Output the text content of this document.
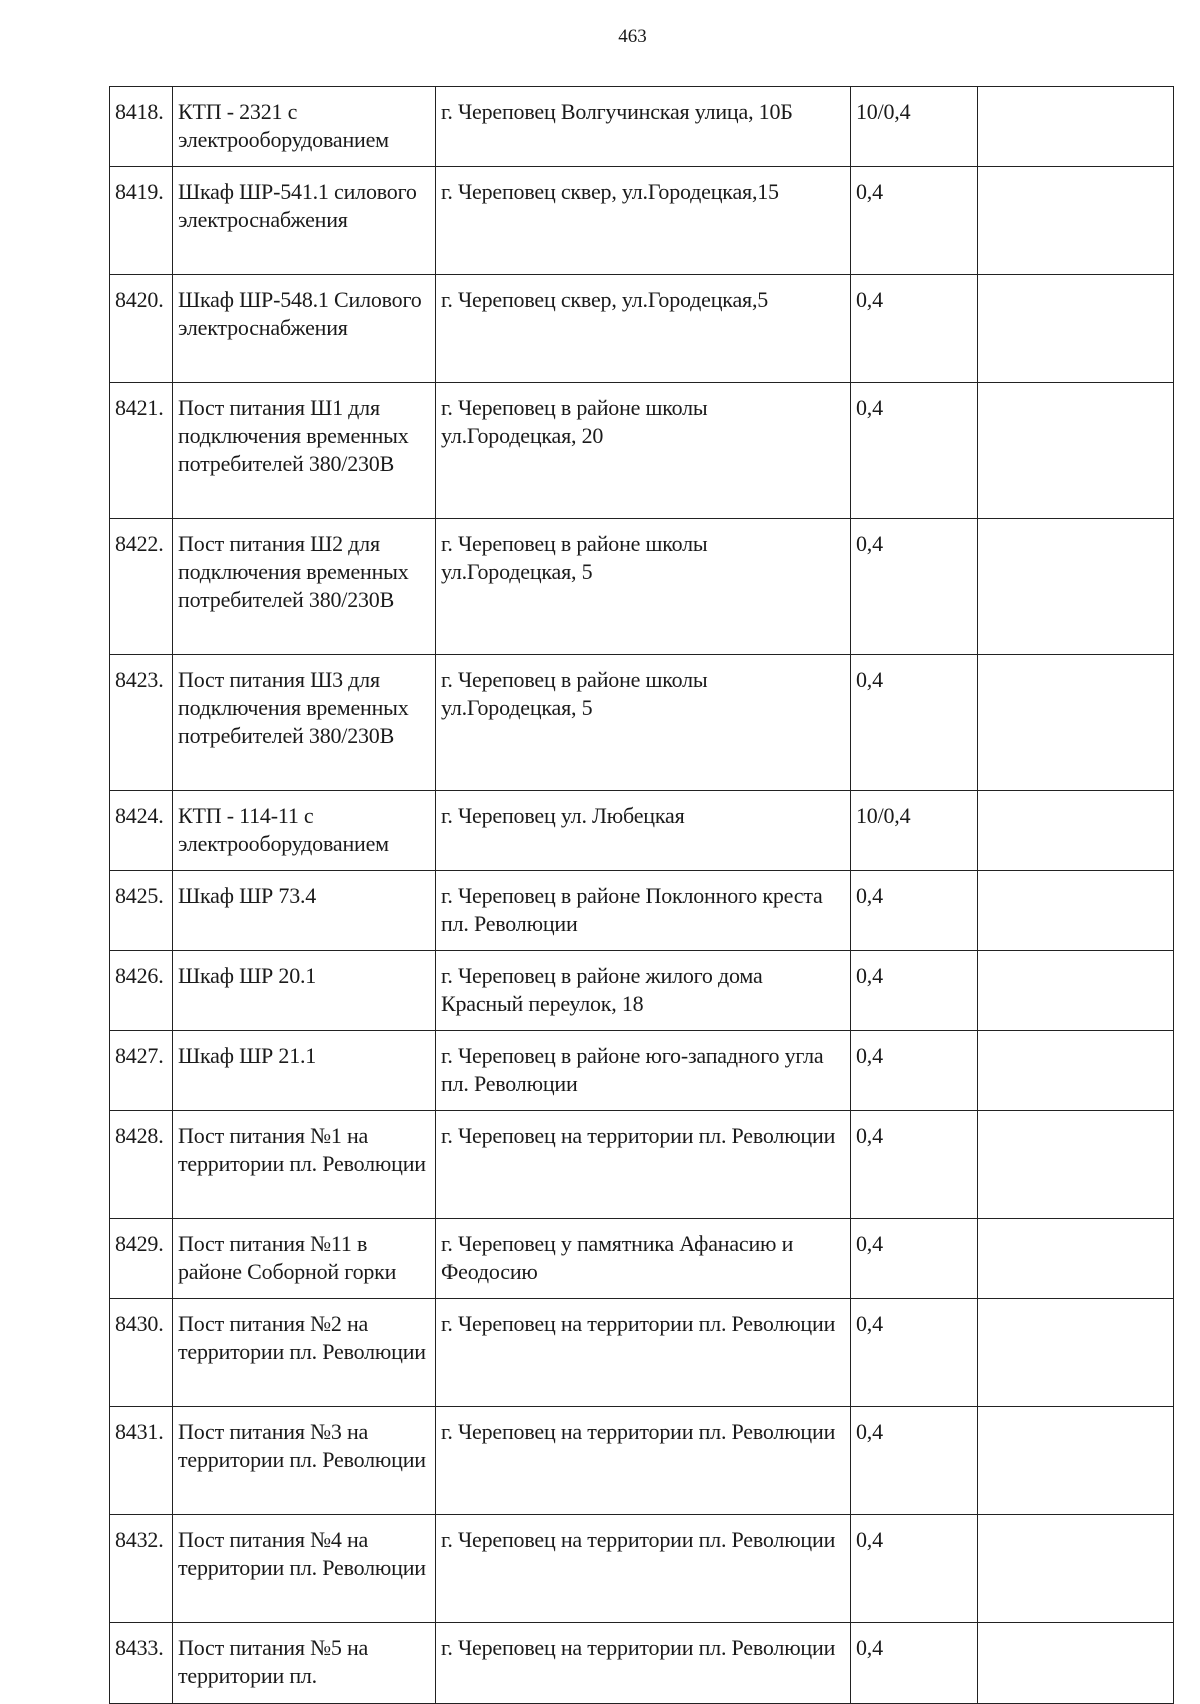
463
8418.	КТП - 2321 с электрооборудованием	г. Череповец Волгучинская улица, 10Б	10/0,4	
8419.	Шкаф ШР-541.1 силового электроснабжения	г. Череповец сквер, ул.Городецкая,15	0,4	
8420.	Шкаф ШР-548.1 Силового электроснабжения	г. Череповец сквер, ул.Городецкая,5	0,4	
8421.	Пост питания Ш1 для подключения временных потребителей 380/230В	г. Череповец в районе школы ул.Городецкая, 20	0,4	
8422.	Пост питания Ш2 для подключения временных потребителей 380/230В	г. Череповец в районе школы ул.Городецкая, 5	0,4	
8423.	Пост питания Ш3 для подключения временных потребителей 380/230В	г. Череповец в районе школы ул.Городецкая, 5	0,4	
8424.	КТП - 114-11 с электрооборудованием	г. Череповец ул. Любецкая	10/0,4	
8425.	Шкаф ШР 73.4	г. Череповец в районе Поклонного креста пл. Революции	0,4	
8426.	Шкаф ШР 20.1	г. Череповец в районе жилого дома Красный переулок, 18	0,4	
8427.	Шкаф ШР 21.1	г. Череповец в районе юго-западного угла пл. Революции	0,4	
8428.	Пост питания №1 на территории пл. Революции	г. Череповец на территории пл. Революции	0,4	
8429.	Пост питания №11 в районе Соборной горки	г. Череповец у памятника Афанасию и Феодосию	0,4	
8430.	Пост питания №2 на территории пл. Революции	г. Череповец на территории пл. Революции	0,4	
8431.	Пост питания №3 на территории пл. Революции	г. Череповец на территории пл. Революции	0,4	
8432.	Пост питания №4 на территории пл. Революции	г. Череповец на территории пл. Революции	0,4	
8433.	Пост питания №5 на территории пл.	г. Череповец на территории пл. Революции	0,4	
